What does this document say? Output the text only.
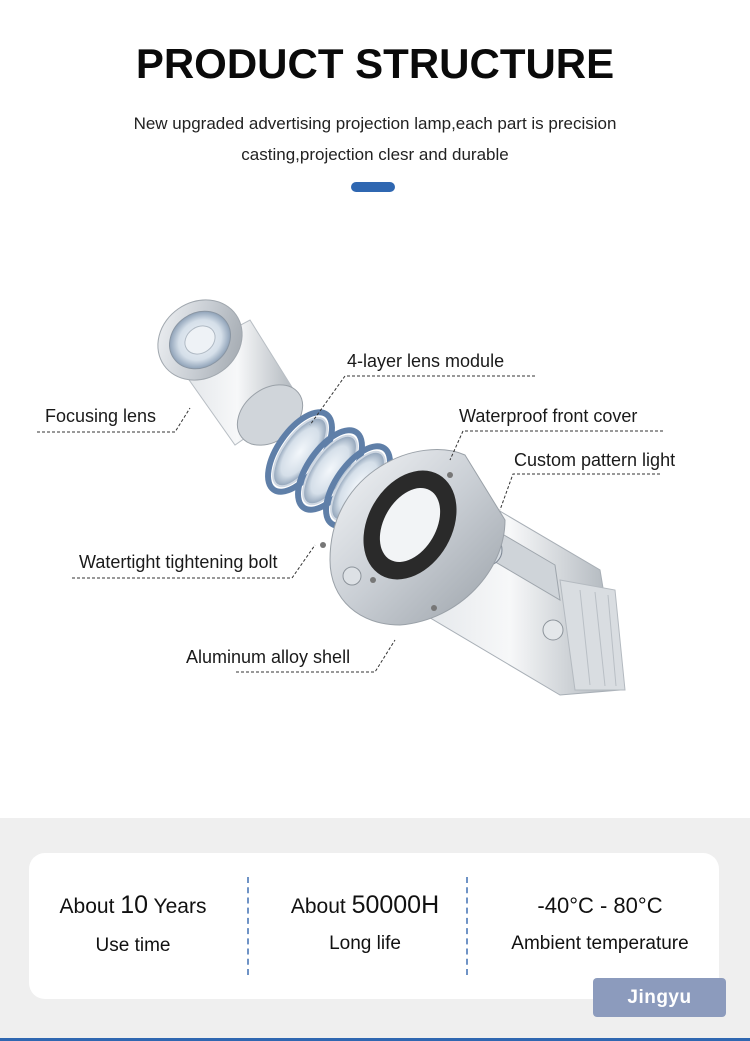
PRODUCT STRUCTURE
New upgraded advertising projection lamp,each part is precision
casting,projection clesr and durable
4-layer lens module
Focusing lens	Waterproof front cover
Custom pattern light
Watertight tightening bolt
Aluminum alloy shell
About 10 Years
Use time
About 50000H
Long life
-40°C - 80°C
Ambient temperature
Jingyu
